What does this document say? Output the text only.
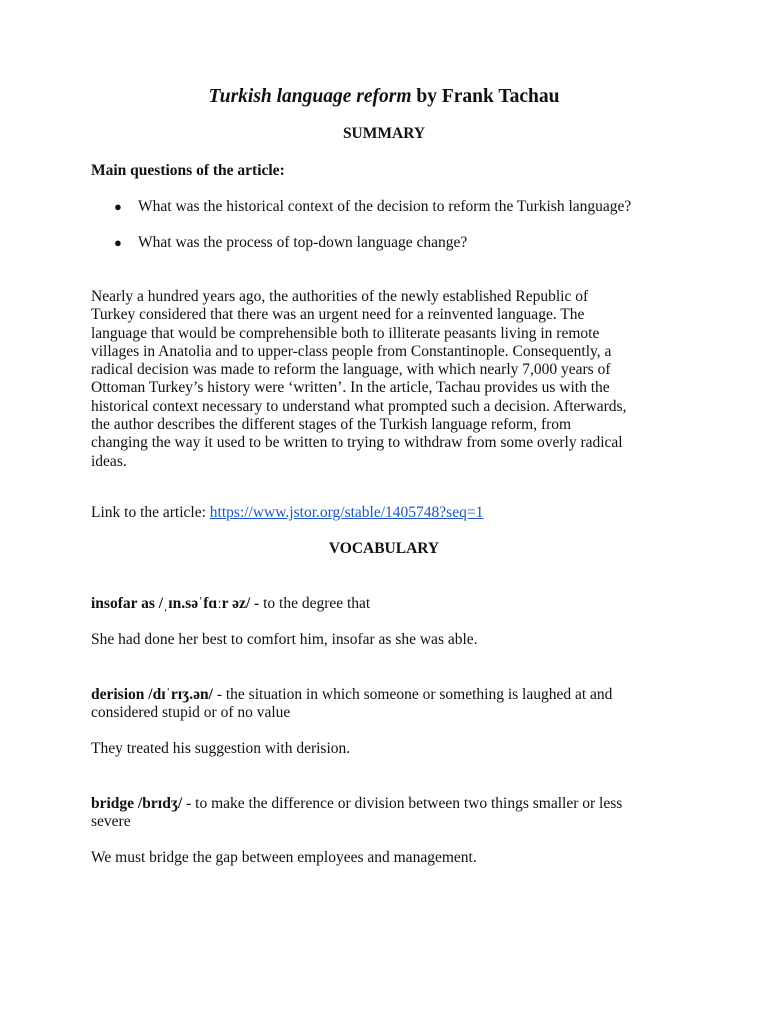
Turkish language reform by Frank Tachau
SUMMARY
Main questions of the article:
●	What was the historical context of the decision to reform the Turkish language?
●	What was the process of top-down language change?
Nearly a hundred years ago, the authorities of the newly established Republic of
Turkey considered that there was an urgent need for a reinvented language. The
language that would be comprehensible both to illiterate peasants living in remote
villages in Anatolia and to upper-class people from Constantinople. Consequently, a
radical decision was made to reform the language, with which nearly 7,000 years of
Ottoman Turkey’s history were ‘written’. In the article, Tachau provides us with the
historical context necessary to understand what prompted such a decision. Afterwards,
the author describes the different stages of the Turkish language reform, from
changing the way it used to be written to trying to withdraw from some overly radical
ideas.
Link to the article: https://www.jstor.org/stable/1405748?seq=1
VOCABULARY
insofar as /ˌɪn.səˈfɑːr əz/ - to the degree that
She had done her best to comfort him, insofar as she was able.
derision /dɪˈrɪʒ.ən/ - the situation in which someone or something is laughed at and
considered stupid or of no value
They treated his suggestion with derision.
bridge /brɪdʒ/ - to make the difference or division between two things smaller or less
severe
We must bridge the gap between employees and management.
